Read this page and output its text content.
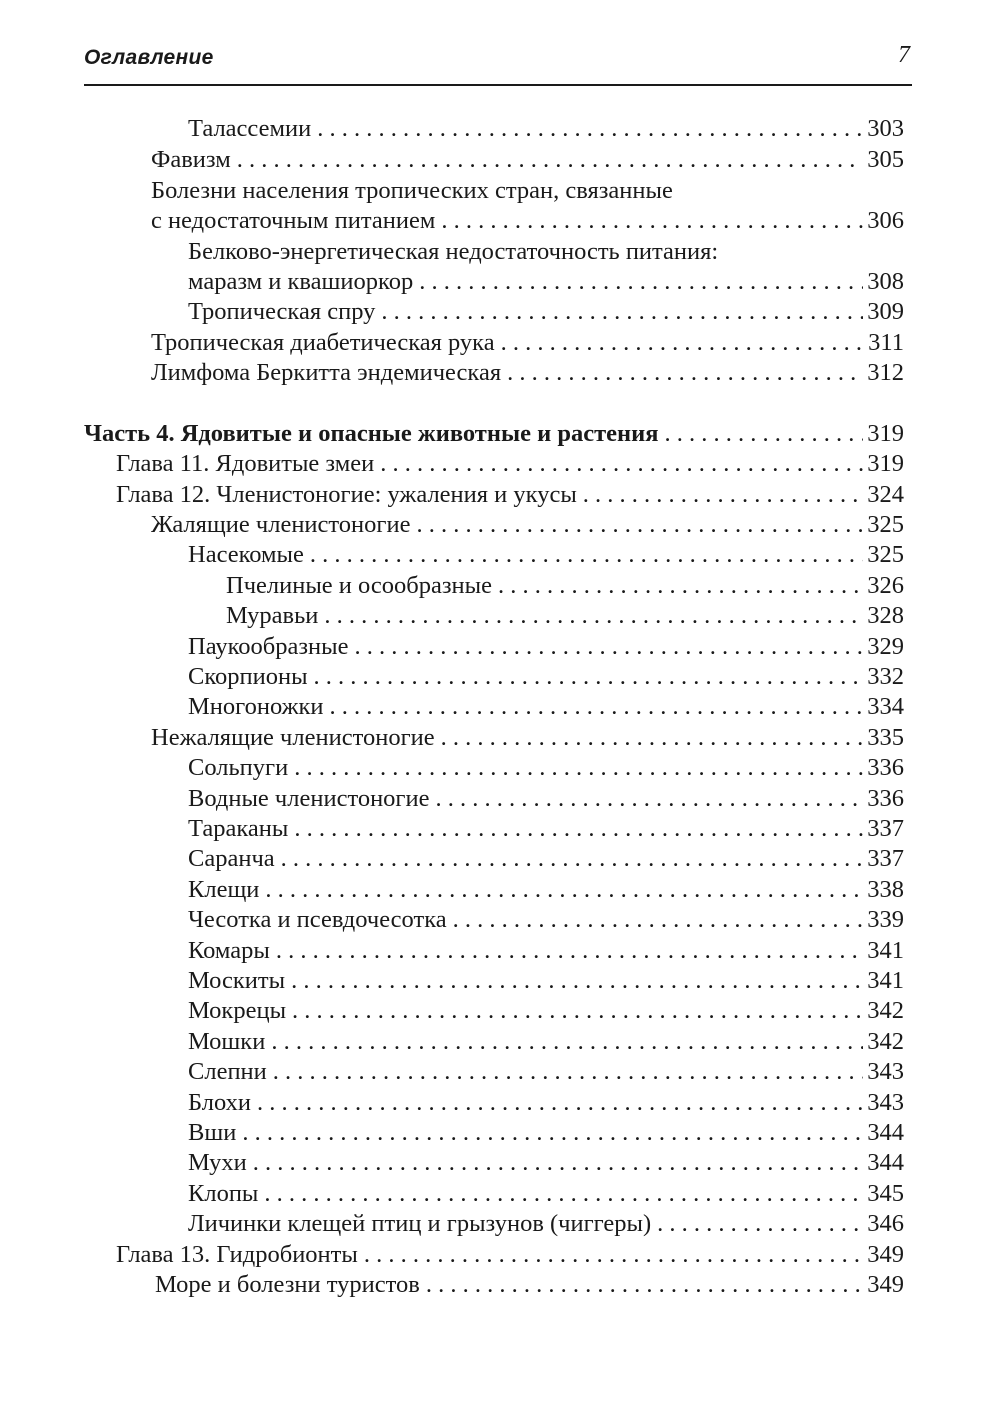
Оглавление	7
Талассемии . . .	303
Фавизм . . .	305
Болезни населения тропических стран, связанные
с недостаточным питанием . . .	306
Белково-энергетическая недостаточность питания:
маразм и квашиоркор . . .	308
Тропическая спру . . .	309
Тропическая диабетическая рука . . .	311
Лимфома Беркитта эндемическая . . .	312
Часть 4. Ядовитые и опасные животные и растения . . .	319
Глава 11. Ядовитые змеи . . .	319
Глава 12. Членистоногие: ужаления и укусы . . .	324
Жалящие членистоногие . . .	325
Насекомые . . .	325
Пчелиные и осообразные . . .	326
Муравьи . . .	328
Паукообразные . . .	329
Скорпионы . . .	332
Многоножки . . .	334
Нежалящие членистоногие . . .	335
Сольпуги . . .	336
Водные членистоногие . . .	336
Тараканы . . .	337
Саранча . . .	337
Клещи . . .	338
Чесотка и псевдочесотка . . .	339
Комары . . .	341
Москиты . . .	341
Мокрецы . . .	342
Мошки . . .	342
Слепни . . .	343
Блохи . . .	343
Вши . . .	344
Мухи . . .	344
Клопы . . .	345
Личинки клещей птиц и грызунов (чиггеры) . . .	346
Глава 13. Гидробионты . . .	349
Море и болезни туристов . . .	349
